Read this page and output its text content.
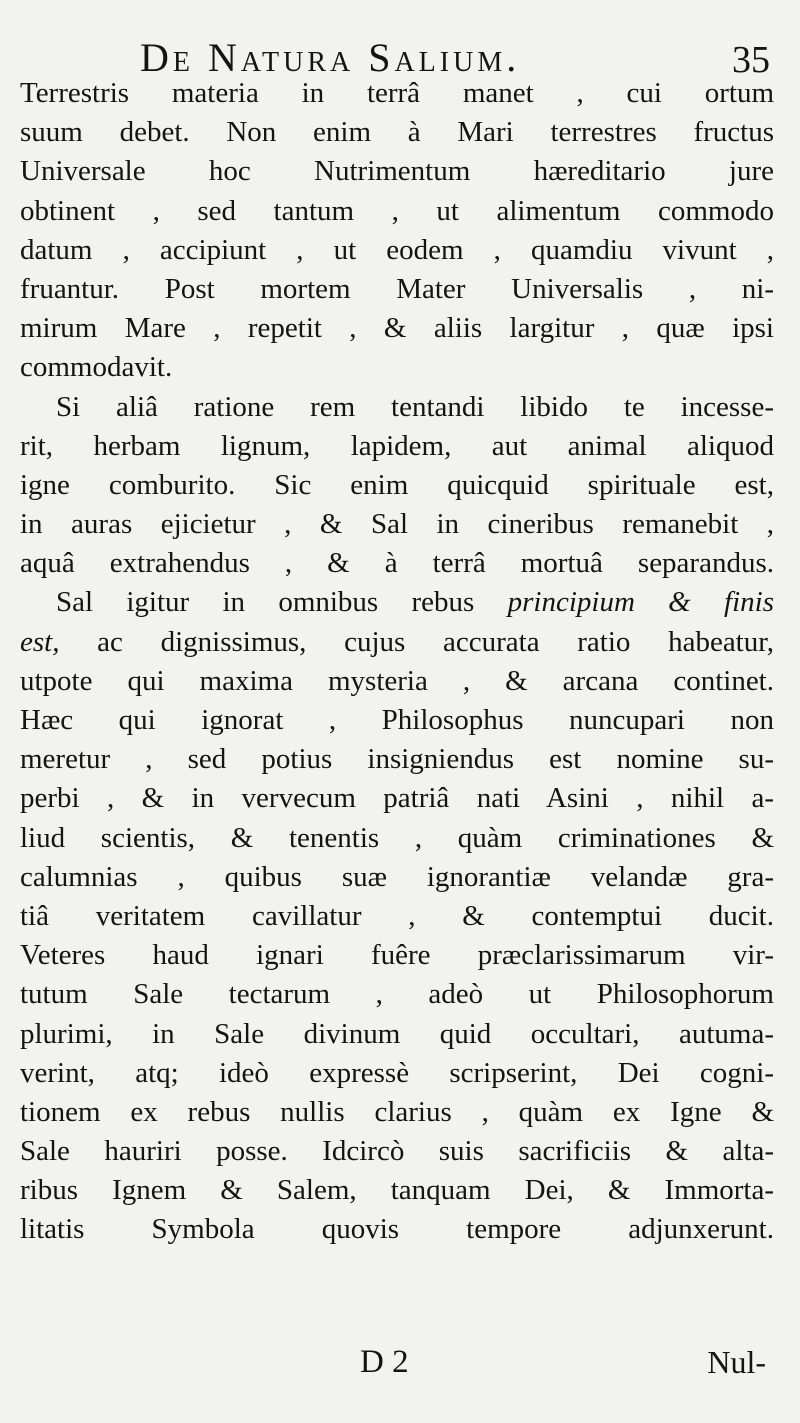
De Natura Salium.	35
Terrestris materia in terrâ manet , cui ortum
suum debet. Non enim à Mari terrestres fructus
Universale hoc Nutrimentum hæreditario jure
obtinent , sed tantum , ut alimentum commodo
datum , accipiunt , ut eodem , quamdiu vivunt ,
fruantur. Post mortem Mater Universalis , ni-
mirum Mare , repetit , & aliis largitur , quæ ipsi
commodavit.
Si aliâ ratione rem tentandi libido te incesse-
rit, herbam lignum, lapidem, aut animal aliquod
igne comburito. Sic enim quicquid spirituale est,
in auras ejicietur , & Sal in cineribus remanebit ,
aquâ extrahendus , & à terrâ mortuâ separandus.
Sal igitur in omnibus rebus principium & finis
est, ac dignissimus, cujus accurata ratio habeatur,
utpote qui maxima mysteria , & arcana continet.
Hæc qui ignorat , Philosophus nuncupari non
meretur , sed potius insigniendus est nomine su-
perbi , & in vervecum patriâ nati Asini , nihil a-
liud scientis, & tenentis , quàm criminationes &
calumnias , quibus suæ ignorantiæ velandæ gra-
tiâ veritatem cavillatur , & contemptui ducit.
Veteres haud ignari fuêre præclarissimarum vir-
tutum Sale tectarum , adeò ut Philosophorum
plurimi, in Sale divinum quid occultari, autuma-
verint, atq; ideò expressè scripserint, Dei cogni-
tionem ex rebus nullis clarius , quàm ex Igne &
Sale hauriri posse. Idcircò suis sacrificiis & alta-
ribus Ignem & Salem, tanquam Dei, & Immorta-
litatis Symbola quovis tempore adjunxerunt.
D 2	Nul-
